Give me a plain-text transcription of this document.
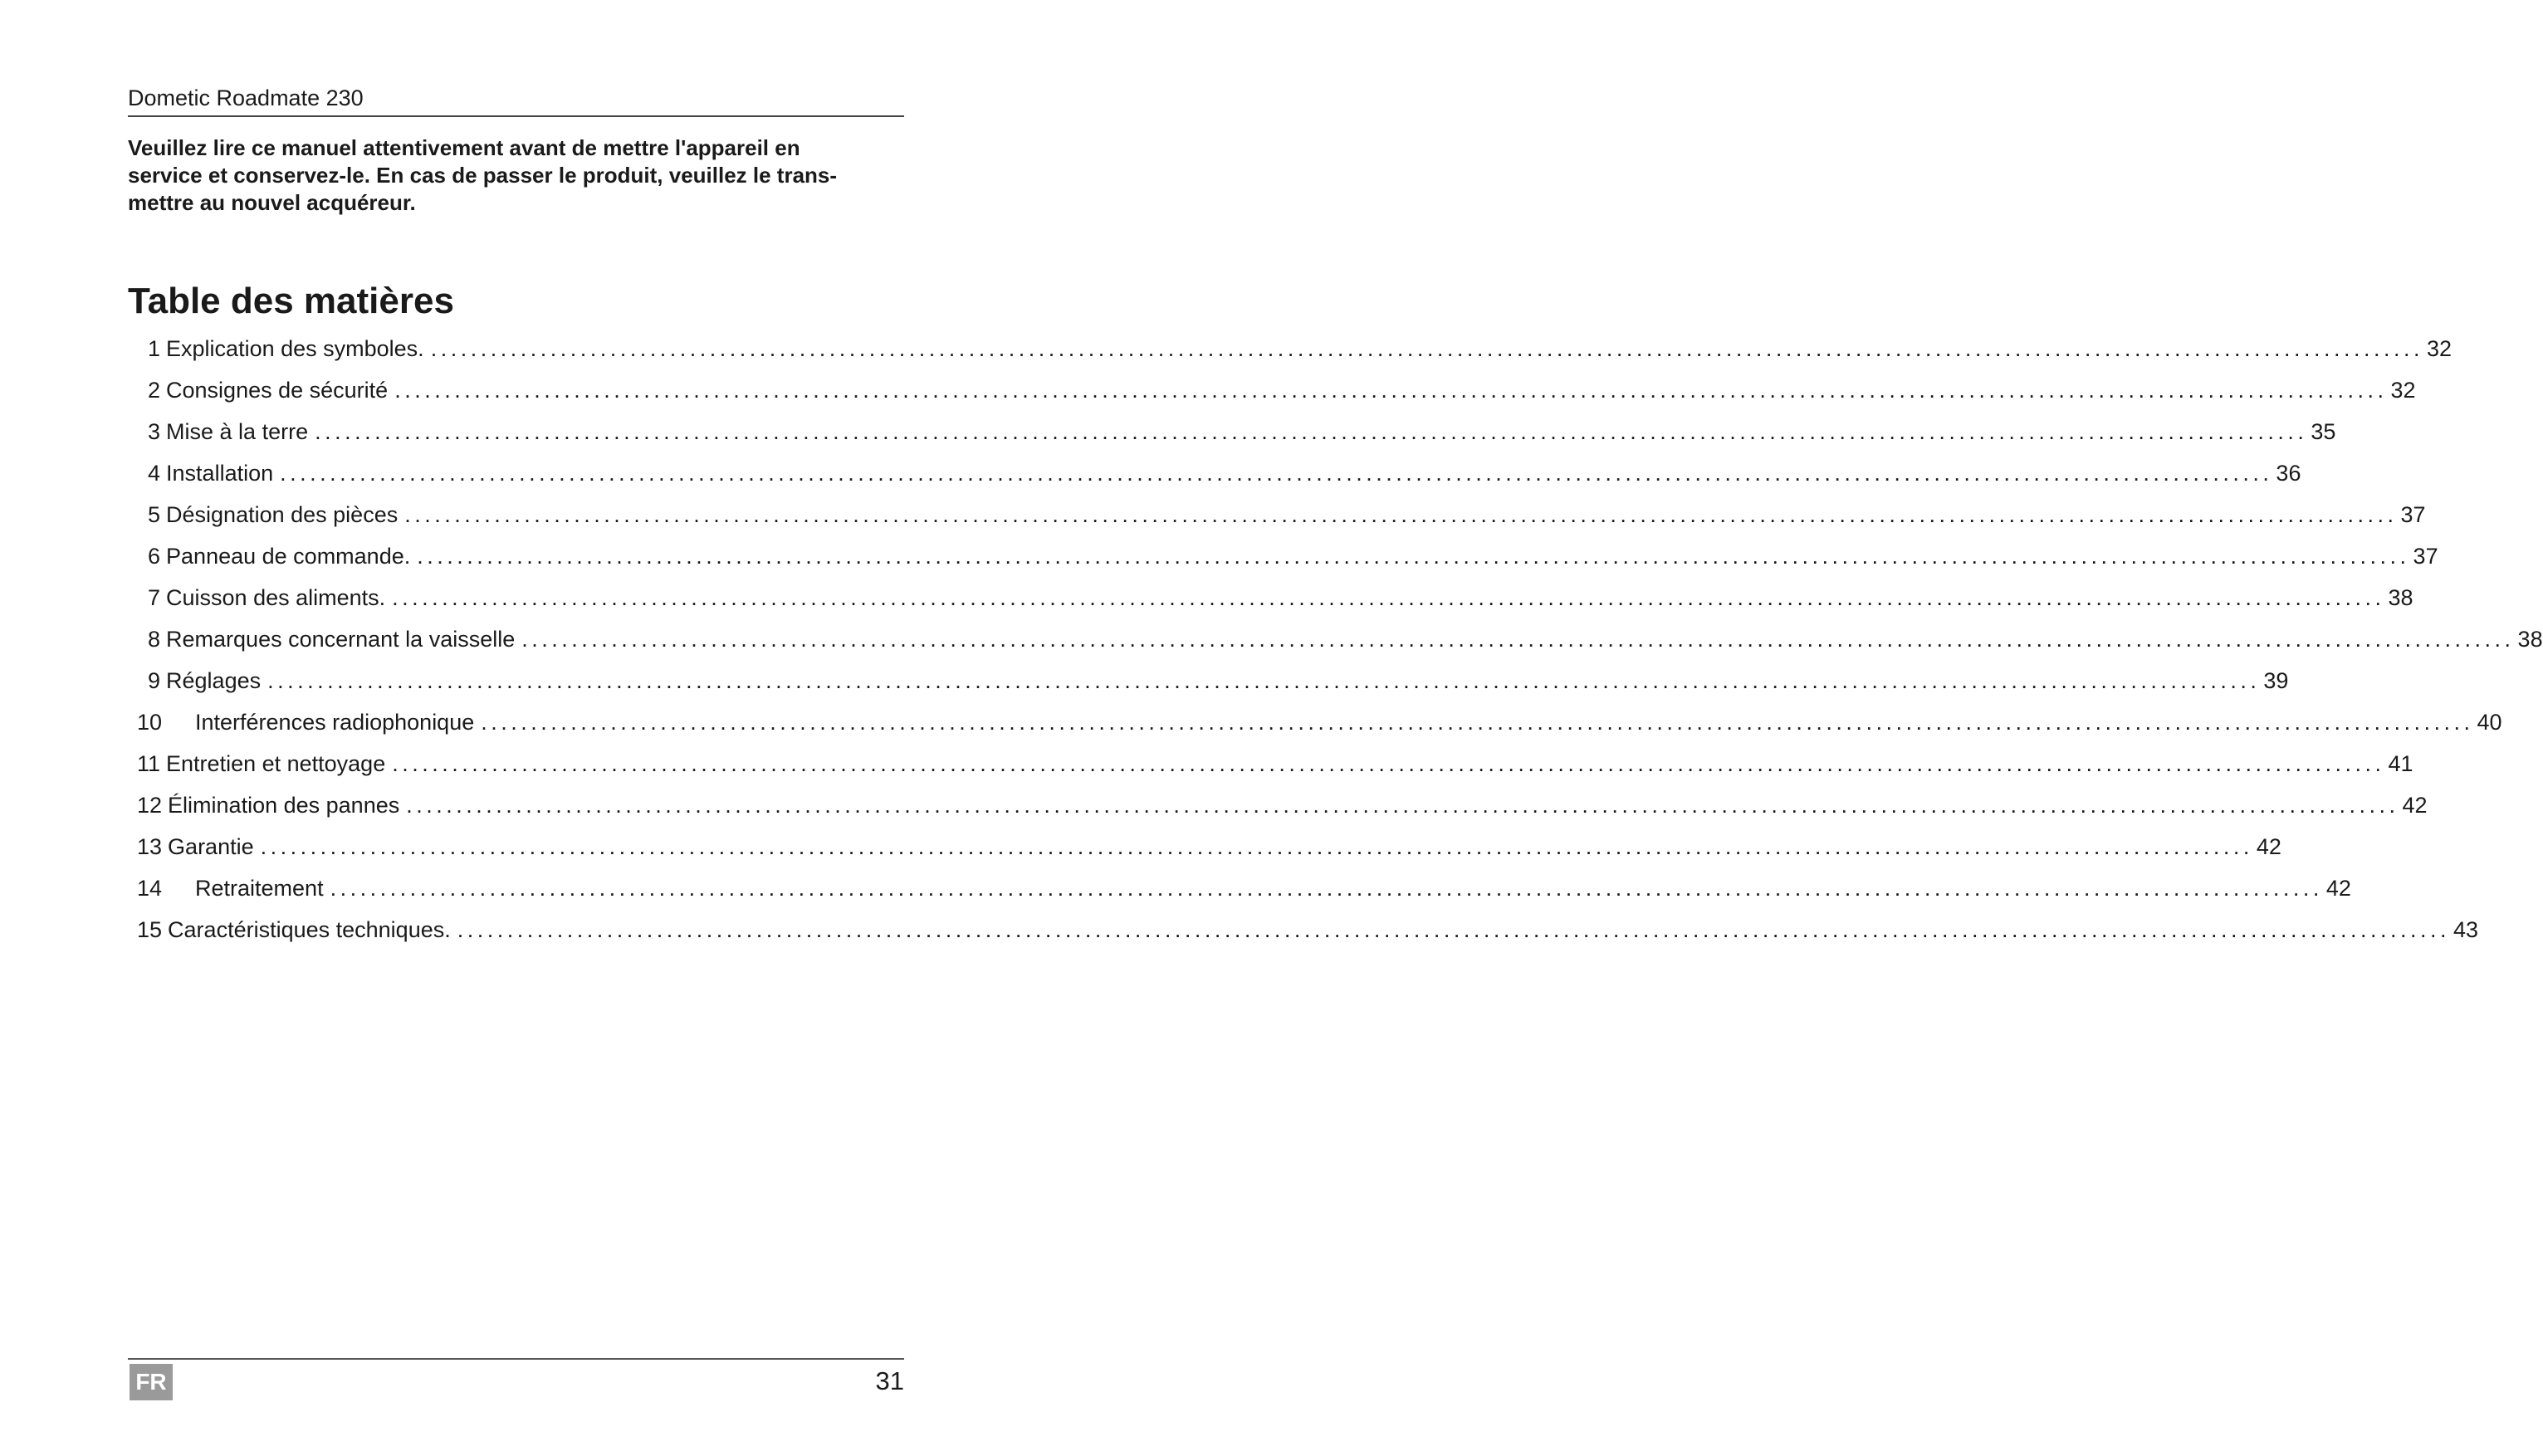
Dometic Roadmate 230
Veuillez lire ce manuel attentivement avant de mettre l'appareil en
service et conservez-le. En cas de passer le produit, veuillez le trans-
mettre au nouvel acquéreur.
Table des matières
1 Explication des symboles. ........................................................................................................................................................................................................ 32
2 Consignes de sécurité ........................................................................................................................................................................................................ 32
3 Mise à la terre ........................................................................................................................................................................................................ 35
4 Installation ........................................................................................................................................................................................................ 36
5 Désignation des pièces ........................................................................................................................................................................................................ 37
6 Panneau de commande. ........................................................................................................................................................................................................ 37
7 Cuisson des aliments. ........................................................................................................................................................................................................ 38
8 Remarques concernant la vaisselle ........................................................................................................................................................................................................ 38
9 Réglages ........................................................................................................................................................................................................ 39
10	Interférences radiophonique ........................................................................................................................................................................................................ 40
11 Entretien et nettoyage ........................................................................................................................................................................................................ 41
12 Élimination des pannes ........................................................................................................................................................................................................ 42
13 Garantie ........................................................................................................................................................................................................ 42
14	Retraitement ........................................................................................................................................................................................................ 42
15 Caractéristiques techniques. ........................................................................................................................................................................................................ 43
FR	31
